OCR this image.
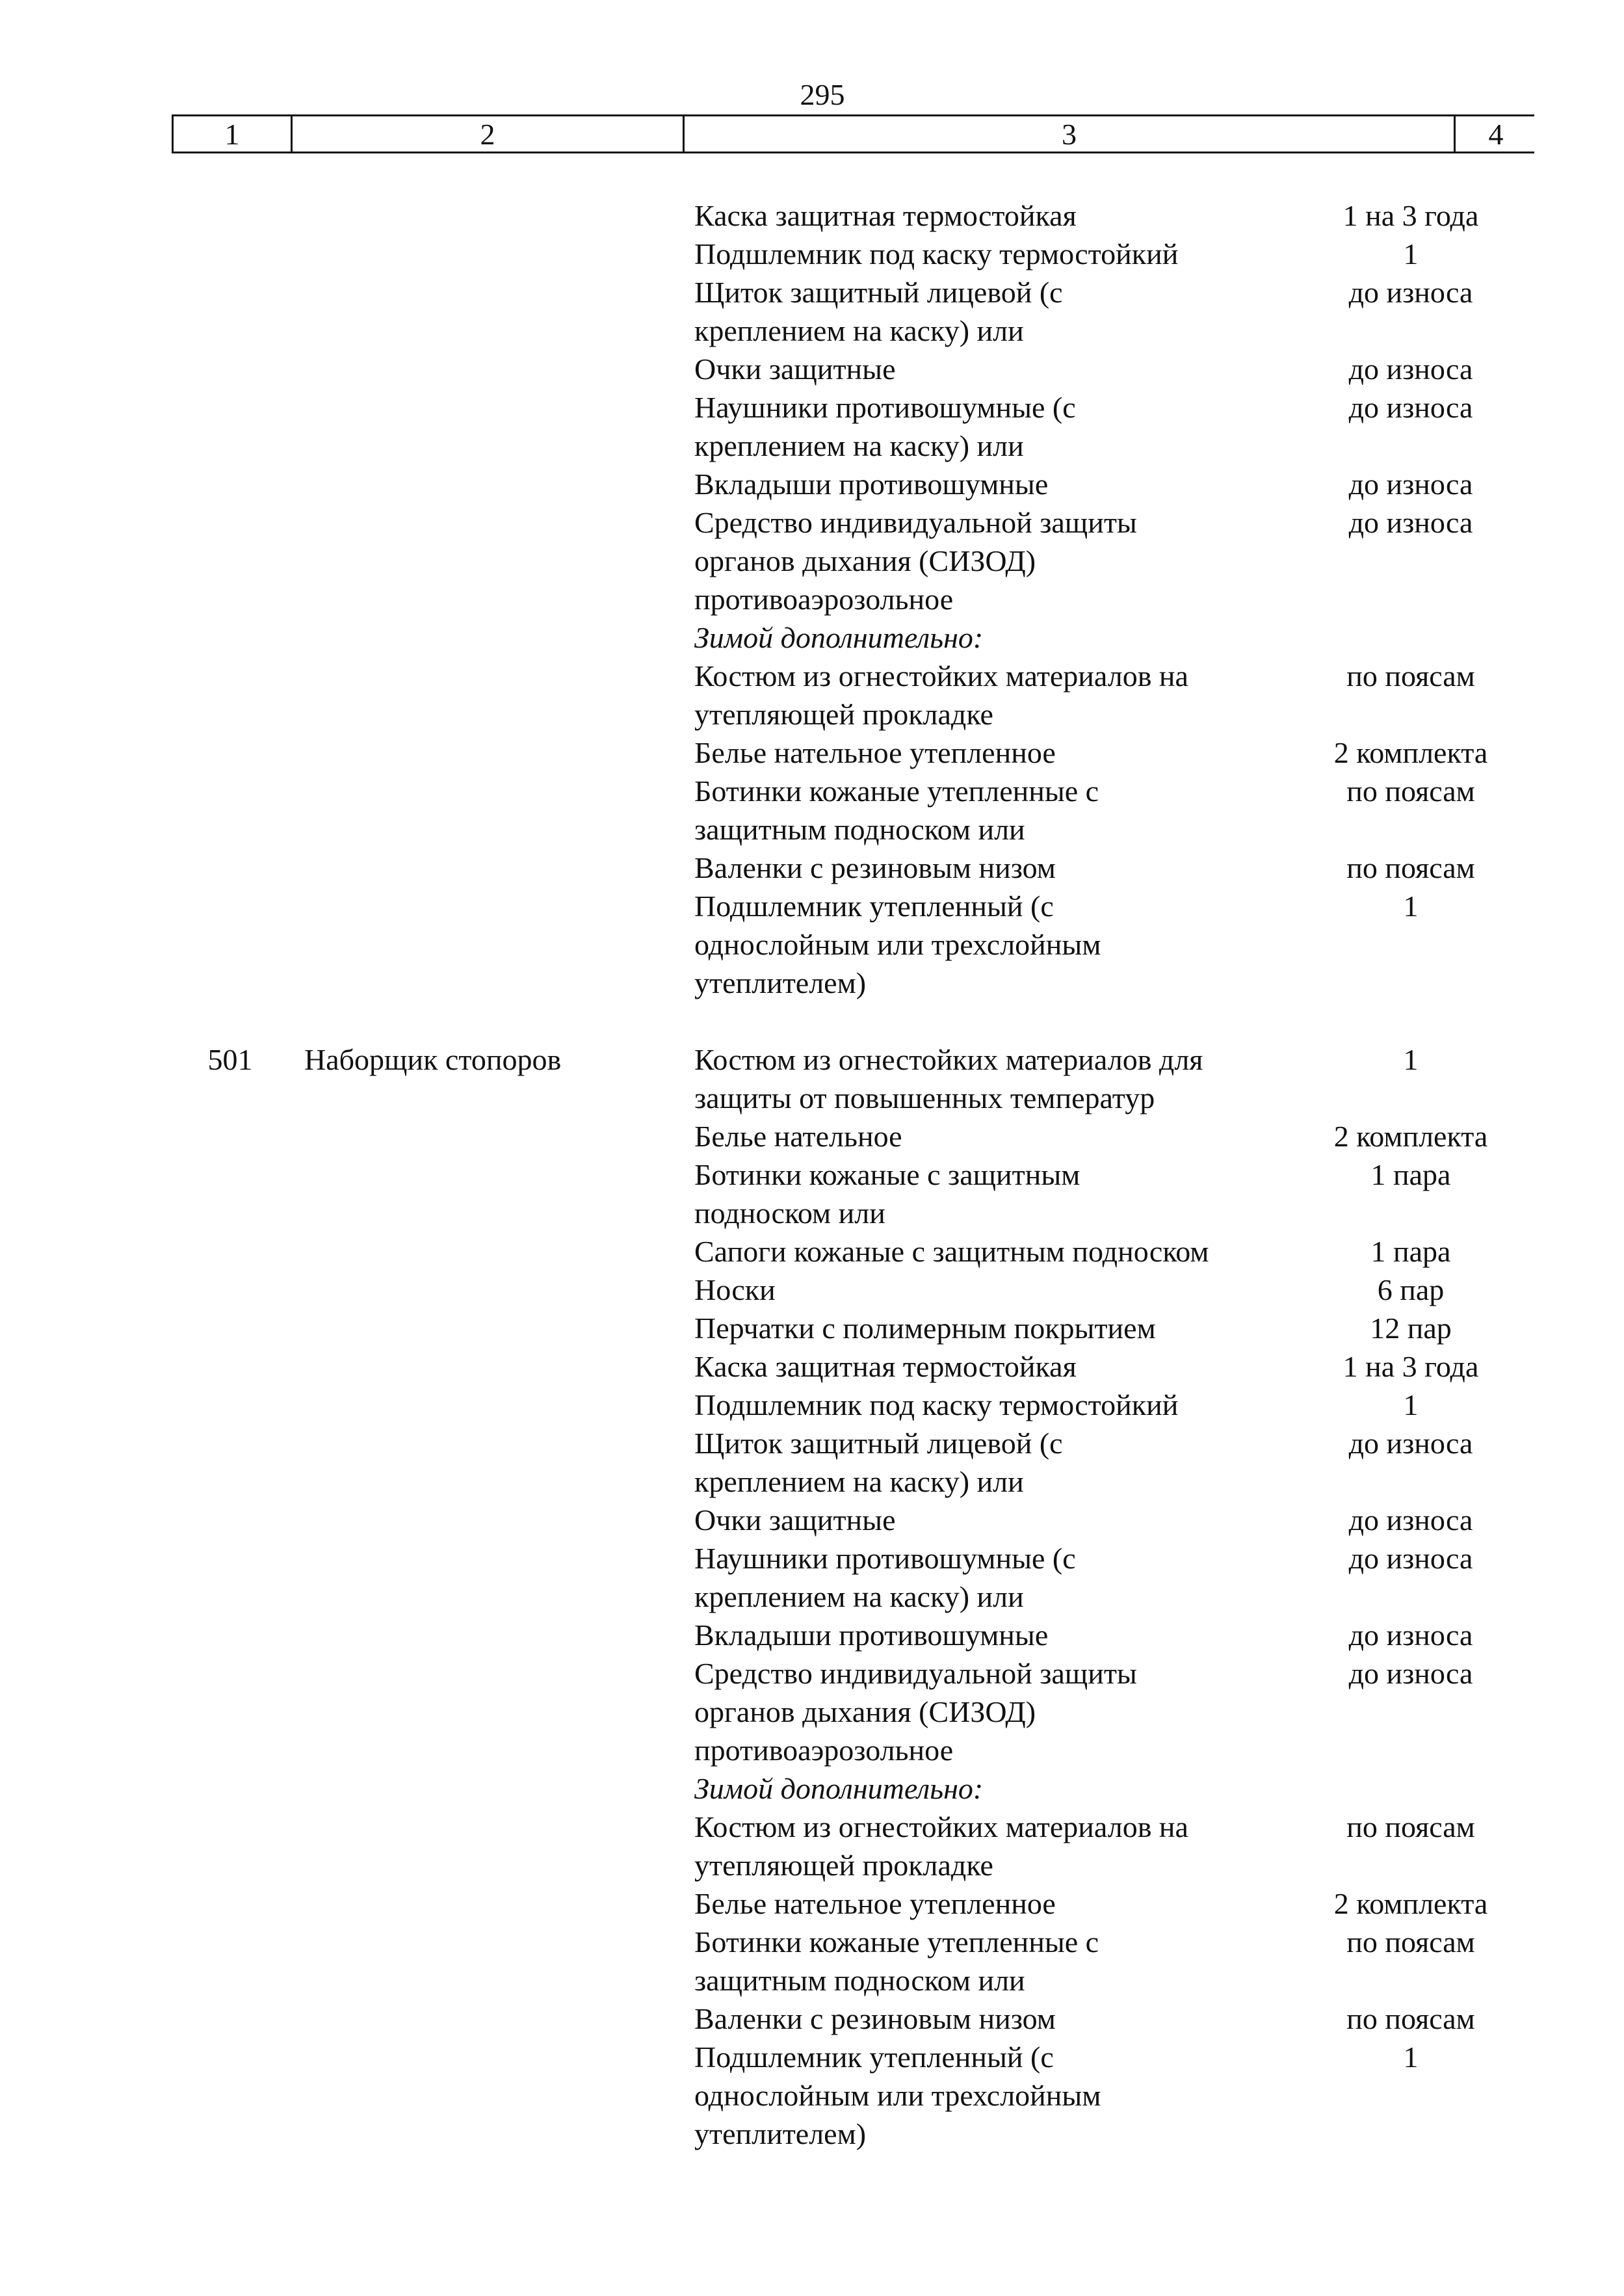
295
1	2	3	4
Каска защитная термостойкая	1 на 3 года
Подшлемник под каску термостойкий	1
Щиток защитный лицевой (с	до износа
креплением на каску) или
Очки защитные	до износа
Наушники противошумные (с	до износа
креплением на каску) или
Вкладыши противошумные	до износа
Средство индивидуальной защиты	до износа
органов дыхания (СИЗОД)
противоаэрозольное
Зимой дополнительно:
Костюм из огнестойких материалов на	по поясам
утепляющей прокладке
Белье нательное утепленное	2 комплекта
Ботинки кожаные утепленные с	по поясам
защитным подноском или
Валенки с резиновым низом	по поясам
Подшлемник утепленный (с	1
однослойным или трехслойным
утеплителем)
501	Наборщик стопоров	Костюм из огнестойких материалов для	1
защиты от повышенных температур
Белье нательное	2 комплекта
Ботинки кожаные с защитным	1 пара
подноском или
Сапоги кожаные с защитным подноском	1 пара
Носки	6 пар
Перчатки с полимерным покрытием	12 пар
Каска защитная термостойкая	1 на 3 года
Подшлемник под каску термостойкий	1
Щиток защитный лицевой (с	до износа
креплением на каску) или
Очки защитные	до износа
Наушники противошумные (с	до износа
креплением на каску) или
Вкладыши противошумные	до износа
Средство индивидуальной защиты	до износа
органов дыхания (СИЗОД)
противоаэрозольное
Зимой дополнительно:
Костюм из огнестойких материалов на	по поясам
утепляющей прокладке
Белье нательное утепленное	2 комплекта
Ботинки кожаные утепленные с	по поясам
защитным подноском или
Валенки с резиновым низом	по поясам
Подшлемник утепленный (с	1
однослойным или трехслойным
утеплителем)
